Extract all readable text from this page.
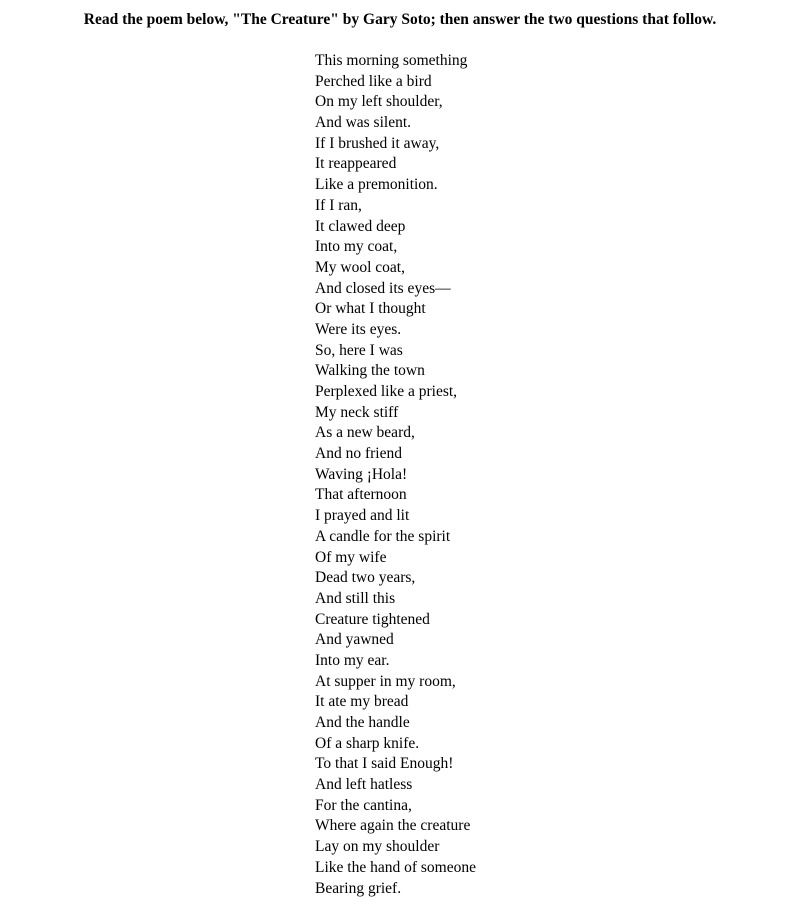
Read the poem below, "The Creature" by Gary Soto; then answer the two questions that follow.
This morning something
Perched like a bird
On my left shoulder,
And was silent.
If I brushed it away,
It reappeared
Like a premonition.
If I ran,
It clawed deep
Into my coat,
My wool coat,
And closed its eyes—
Or what I thought
Were its eyes.
So, here I was
Walking the town
Perplexed like a priest,
My neck stiff
As a new beard,
And no friend
Waving ¡Hola!
That afternoon
I prayed and lit
A candle for the spirit
Of my wife
Dead two years,
And still this
Creature tightened
And yawned
Into my ear.
At supper in my room,
It ate my bread
And the handle
Of a sharp knife.
To that I said Enough!
And left hatless
For the cantina,
Where again the creature
Lay on my shoulder
Like the hand of someone
Bearing grief.
